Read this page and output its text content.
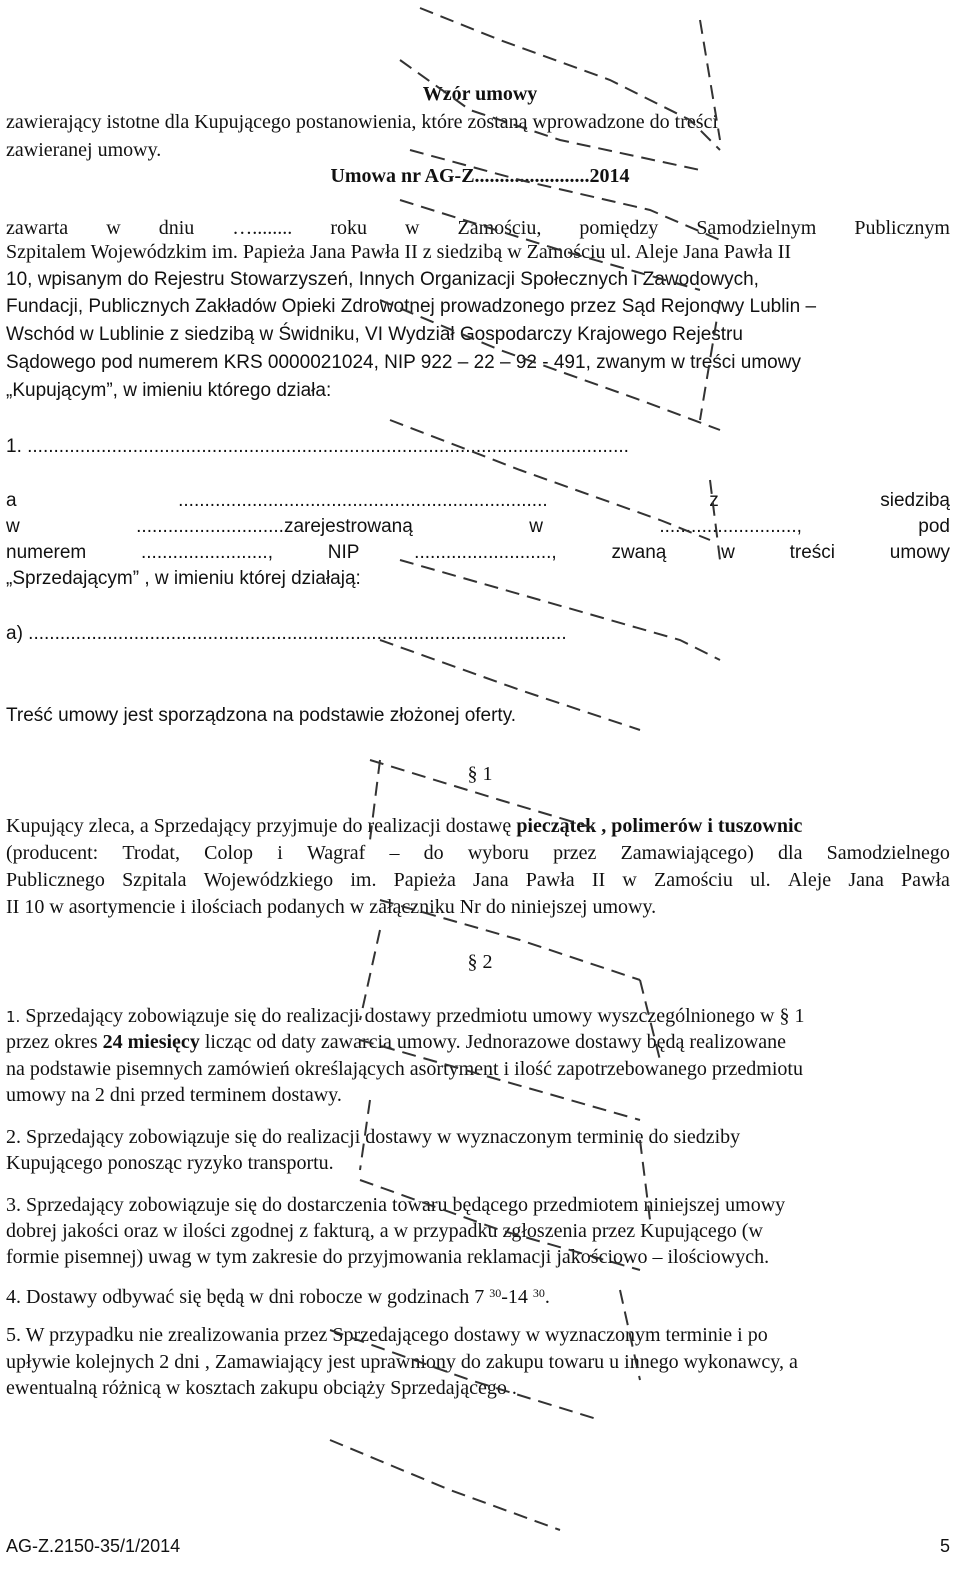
Wzór umowy
zawierający istotne dla Kupującego postanowienia, które zostaną wprowadzone do treści
zawieranej umowy.
Umowa nr AG-Z.......................2014
zawarta w dniu …........ roku w Zamościu, pomiędzy Samodzielnym Publicznym
Szpitalem Wojewódzkim im. Papieża Jana Pawła II z siedzibą w Zamościu ul. Aleje Jana Pawła II
10, wpisanym do Rejestru Stowarzyszeń, Innych Organizacji Społecznych i Zawodowych,
Fundacji, Publicznych Zakładów Opieki Zdrowotnej prowadzonego przez Sąd Rejonowy Lublin –
Wschód w Lublinie z siedzibą w Świdniku, VI Wydział Gospodarczy Krajowego Rejestru
Sądowego pod numerem KRS 0000021024, NIP 922 – 22 – 92 - 491, zwanym w treści umowy
„Kupującym”, w imieniu którego działa:
1. ..................................................................................................................
a	......................................................................	z	siedzibą
w	............................zarejestrowaną	w	..........................,	pod
numerem	........................,	NIP	..........................,	zwaną	w	treści	umowy
„Sprzedającym” , w imieniu której działają:
a) ......................................................................................................
Treść umowy jest sporządzona na podstawie złożonej oferty.
§ 1
Kupujący zleca, a Sprzedający przyjmuje do realizacji dostawę pieczątek , polimerów i tuszownic
(producent: Trodat, Colop i Wagraf – do wyboru przez Zamawiającego) dla Samodzielnego
Publicznego Szpitala Wojewódzkiego im. Papieża Jana Pawła II w Zamościu ul. Aleje Jana Pawła
II 10 w asortymencie i ilościach podanych w załączniku Nr do niniejszej umowy.
§ 2
1. Sprzedający zobowiązuje się do realizacji dostawy przedmiotu umowy wyszczególnionego w § 1
przez okres 24 miesięcy licząc od daty zawarcia umowy. Jednorazowe dostawy będą realizowane
na podstawie pisemnych zamówień określających asortyment i ilość zapotrzebowanego przedmiotu
umowy na 2 dni przed terminem dostawy.
2. Sprzedający zobowiązuje się do realizacji dostawy w wyznaczonym terminie do siedziby
Kupującego ponosząc ryzyko transportu.
3. Sprzedający zobowiązuje się do dostarczenia towaru będącego przedmiotem niniejszej umowy
dobrej jakości oraz w ilości zgodnej z fakturą, a w przypadku zgłoszenia przez Kupującego (w
formie pisemnej) uwag w tym zakresie do przyjmowania reklamacji jakościowo – ilościowych.
4. Dostawy odbywać się będą w dni robocze w godzinach 7 $^{30}$-14 $^{30}$.
5. W przypadku nie zrealizowania przez Sprzedającego dostawy w wyznaczonym terminie i po
upływie kolejnych 2 dni , Zamawiający jest uprawniony do zakupu towaru u innego wykonawcy, a
ewentualną różnicą w kosztach zakupu obciąży Sprzedającego .
AG-Z.2150-35/1/2014	5
